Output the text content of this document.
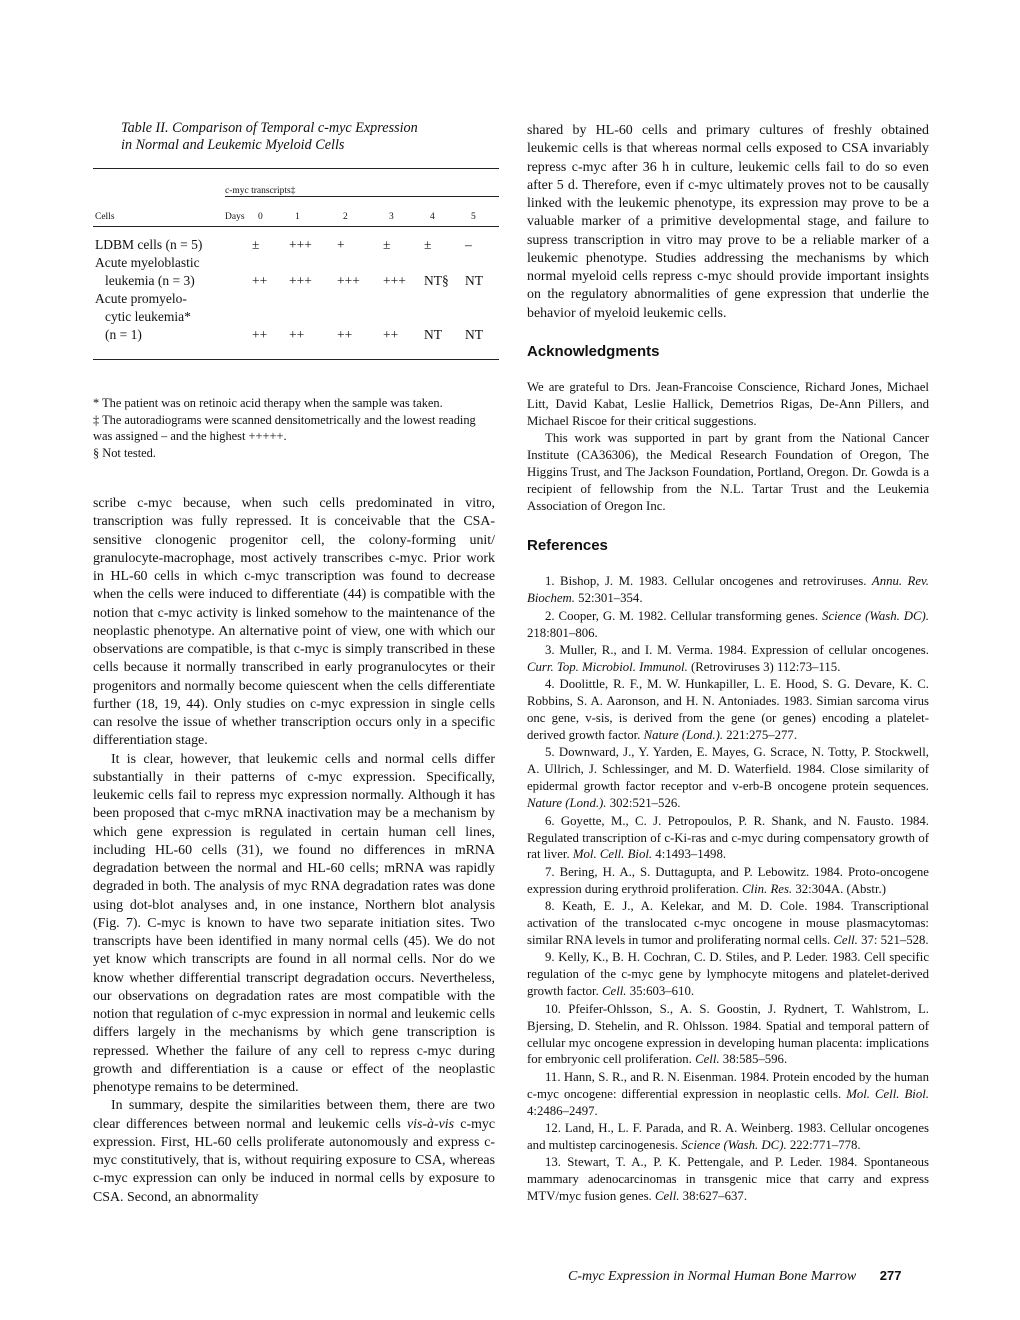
Table II. Comparison of Temporal c-myc Expression
in Normal and Leukemic Myeloid Cells
c-myc transcripts‡
Cells	Days 0	1	2	3	4	5
LDBM cells (n = 5)	± +++ +	± ± –
Acute myeloblastic
leukemia (n = 3)	++ +++ +++ +++ NT§ NT
Acute promyelo-
cytic leukemia*
(n = 1)	++ ++ ++ ++ NT NT

* The patient was on retinoic acid therapy when the sample was taken.

‡ The autoradiograms were scanned densitometrically and the lowest reading was assigned – and the highest +++++.

§ Not tested.

scribe c-myc because, when such cells predominated in vitro, transcription was fully repressed. It is conceivable that the CSA-sensitive clonogenic progenitor cell, the colony-forming unit/ granulocyte-macrophage, most actively transcribes c-myc. Prior work in HL-60 cells in which c-myc transcription was found to decrease when the cells were induced to differentiate (44) is compatible with the notion that c-myc activity is linked somehow to the maintenance of the neoplastic phenotype. An alternative point of view, one with which our observations are compatible, is that c-myc is simply transcribed in these cells because it normally transcribed in early progranulocytes or their progenitors and normally become quiescent when the cells differentiate further (18, 19, 44). Only studies on c-myc expression in single cells can resolve the issue of whether transcription occurs only in a specific differentiation stage.

It is clear, however, that leukemic cells and normal cells differ substantially in their patterns of c-myc expression. Specifically, leukemic cells fail to repress myc expression normally. Although it has been proposed that c-myc mRNA inactivation may be a mechanism by which gene expression is regulated in certain human cell lines, including HL-60 cells (31), we found no differences in mRNA degradation between the normal and HL-60 cells; mRNA was rapidly degraded in both. The analysis of myc RNA degradation rates was done using dot-blot analyses and, in one instance, Northern blot analysis (Fig. 7). C-myc is known to have two separate initiation sites. Two transcripts have been identified in many normal cells (45). We do not yet know which transcripts are found in all normal cells. Nor do we know whether differential transcript degradation occurs. Nevertheless, our observations on degradation rates are most compatible with the notion that regulation of c-myc expression in normal and leukemic cells differs largely in the mechanisms by which gene transcription is repressed. Whether the failure of any cell to repress c-myc during growth and differentiation is a cause or effect of the neoplastic phenotype remains to be determined.

In summary, despite the similarities between them, there are two clear differences between normal and leukemic cells vis-à-vis c-myc expression. First, HL-60 cells proliferate autonomously and express c-myc constitutively, that is, without requiring exposure to CSA, whereas c-myc expression can only be induced in normal cells by exposure to CSA. Second, an abnormality

shared by HL-60 cells and primary cultures of freshly obtained leukemic cells is that whereas normal cells exposed to CSA invariably repress c-myc after 36 h in culture, leukemic cells fail to do so even after 5 d. Therefore, even if c-myc ultimately proves not to be causally linked with the leukemic phenotype, its expression may prove to be a valuable marker of a primitive developmental stage, and failure to supress transcription in vitro may prove to be a reliable marker of a leukemic phenotype. Studies addressing the mechanisms by which normal myeloid cells repress c-myc should provide important insights on the regulatory abnormalities of gene expression that underlie the behavior of myeloid leukemic cells.

Acknowledgments

We are grateful to Drs. Jean-Francoise Conscience, Richard Jones, Michael Litt, David Kabat, Leslie Hallick, Demetrios Rigas, De-Ann Pillers, and Michael Riscoe for their critical suggestions.

This work was supported in part by grant from the National Cancer Institute (CA36306), the Medical Research Foundation of Oregon, The Higgins Trust, and The Jackson Foundation, Portland, Oregon. Dr. Gowda is a recipient of fellowship from the N.L. Tartar Trust and the Leukemia Association of Oregon Inc.

References

1. Bishop, J. M. 1983. Cellular oncogenes and retroviruses. Annu. Rev. Biochem. 52:301–354.

2. Cooper, G. M. 1982. Cellular transforming genes. Science (Wash. DC). 218:801–806.

3. Muller, R., and I. M. Verma. 1984. Expression of cellular oncogenes. Curr. Top. Microbiol. Immunol. (Retroviruses 3) 112:73–115.

4. Doolittle, R. F., M. W. Hunkapiller, L. E. Hood, S. G. Devare, K. C. Robbins, S. A. Aaronson, and H. N. Antoniades. 1983. Simian sarcoma virus onc gene, v-sis, is derived from the gene (or genes) encoding a platelet-derived growth factor. Nature (Lond.). 221:275–277.

5. Downward, J., Y. Yarden, E. Mayes, G. Scrace, N. Totty, P. Stockwell, A. Ullrich, J. Schlessinger, and M. D. Waterfield. 1984. Close similarity of epidermal growth factor receptor and v-erb-B oncogene protein sequences. Nature (Lond.). 302:521–526.

6. Goyette, M., C. J. Petropoulos, P. R. Shank, and N. Fausto. 1984. Regulated transcription of c-Ki-ras and c-myc during compensatory growth of rat liver. Mol. Cell. Biol. 4:1493–1498.

7. Bering, H. A., S. Duttagupta, and P. Lebowitz. 1984. Proto-oncogene expression during erythroid proliferation. Clin. Res. 32:304A. (Abstr.)

8. Keath, E. J., A. Kelekar, and M. D. Cole. 1984. Transcriptional activation of the translocated c-myc oncogene in mouse plasmacytomas: similar RNA levels in tumor and proliferating normal cells. Cell. 37: 521–528.

9. Kelly, K., B. H. Cochran, C. D. Stiles, and P. Leder. 1983. Cell specific regulation of the c-myc gene by lymphocyte mitogens and platelet-derived growth factor. Cell. 35:603–610.

10. Pfeifer-Ohlsson, S., A. S. Goostin, J. Rydnert, T. Wahlstrom, L. Bjersing, D. Stehelin, and R. Ohlsson. 1984. Spatial and temporal pattern of cellular myc oncogene expression in developing human placenta: implications for embryonic cell proliferation. Cell. 38:585–596.

11. Hann, S. R., and R. N. Eisenman. 1984. Protein encoded by the human c-myc oncogene: differential expression in neoplastic cells. Mol. Cell. Biol. 4:2486–2497.

12. Land, H., L. F. Parada, and R. A. Weinberg. 1983. Cellular oncogenes and multistep carcinogenesis. Science (Wash. DC). 222:771–778.

13. Stewart, T. A., P. K. Pettengale, and P. Leder. 1984. Spontaneous mammary adenocarcinomas in transgenic mice that carry and express MTV/myc fusion genes. Cell. 38:627–637.

C-myc Expression in Normal Human Bone Marrow 277
